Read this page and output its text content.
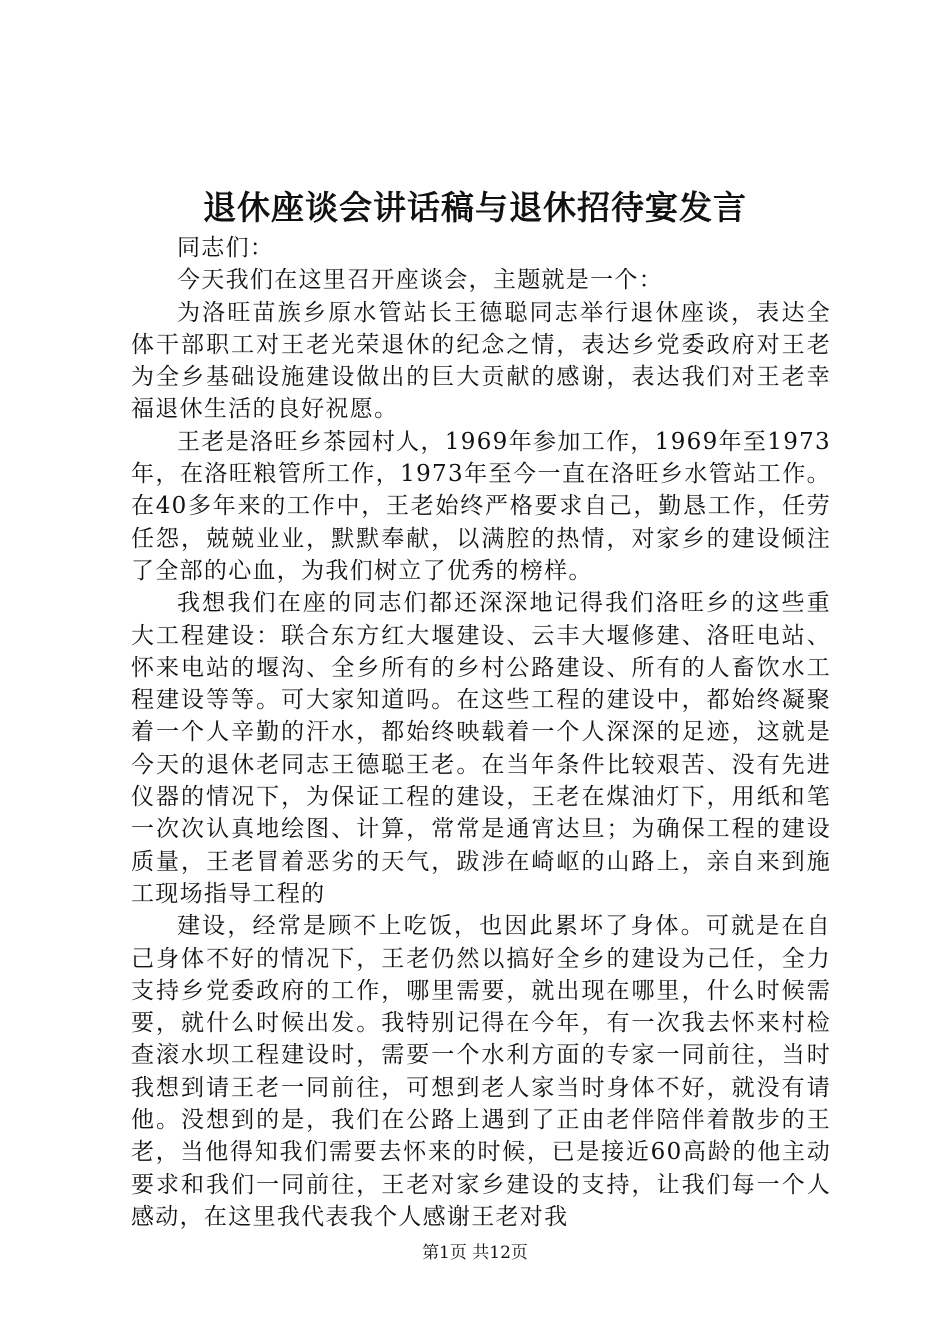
退休座谈会讲话稿与退休招待宴发言

同志们：

今天我们在这里召开座谈会，主题就是一个：

为洛旺苗族乡原水管站长王德聪同志举行退休座谈，表达全体干部职工对王老光荣退休的纪念之情，表达乡党委政府对王老为全乡基础设施建设做出的巨大贡献的感谢，表达我们对王老幸福退休生活的良好祝愿。

王老是洛旺乡茶园村人，1969年参加工作，1969年至1973年，在洛旺粮管所工作，1973年至今一直在洛旺乡水管站工作。在40多年来的工作中，王老始终严格要求自己，勤恳工作，任劳任怨，兢兢业业，默默奉献，以满腔的热情，对家乡的建设倾注了全部的心血，为我们树立了优秀的榜样。

我想我们在座的同志们都还深深地记得我们洛旺乡的这些重大工程建设：联合东方红大堰建设、云丰大堰修建、洛旺电站、怀来电站的堰沟、全乡所有的乡村公路建设、所有的人畜饮水工程建设等等。可大家知道吗。在这些工程的建设中，都始终凝聚着一个人辛勤的汗水，都始终映载着一个人深深的足迹，这就是今天的退休老同志王德聪王老。在当年条件比较艰苦、没有先进仪器的情况下，为保证工程的建设，王老在煤油灯下，用纸和笔一次次认真地绘图、计算，常常是通宵达旦；为确保工程的建设质量，王老冒着恶劣的天气，跋涉在崎岖的山路上，亲自来到施工现场指导工程的

建设，经常是顾不上吃饭，也因此累坏了身体。可就是在自己身体不好的情况下，王老仍然以搞好全乡的建设为己任，全力支持乡党委政府的工作，哪里需要，就出现在哪里，什么时候需要，就什么时候出发。我特别记得在今年，有一次我去怀来村检查滚水坝工程建设时，需要一个水利方面的专家一同前往，当时我想到请王老一同前往，可想到老人家当时身体不好，就没有请他。没想到的是，我们在公路上遇到了正由老伴陪伴着散步的王老，当他得知我们需要去怀来的时候，已是接近60高龄的他主动要求和我们一同前往，王老对家乡建设的支持，让我们每一个人感动，在这里我代表我个人感谢王老对我

第1页 共12页
